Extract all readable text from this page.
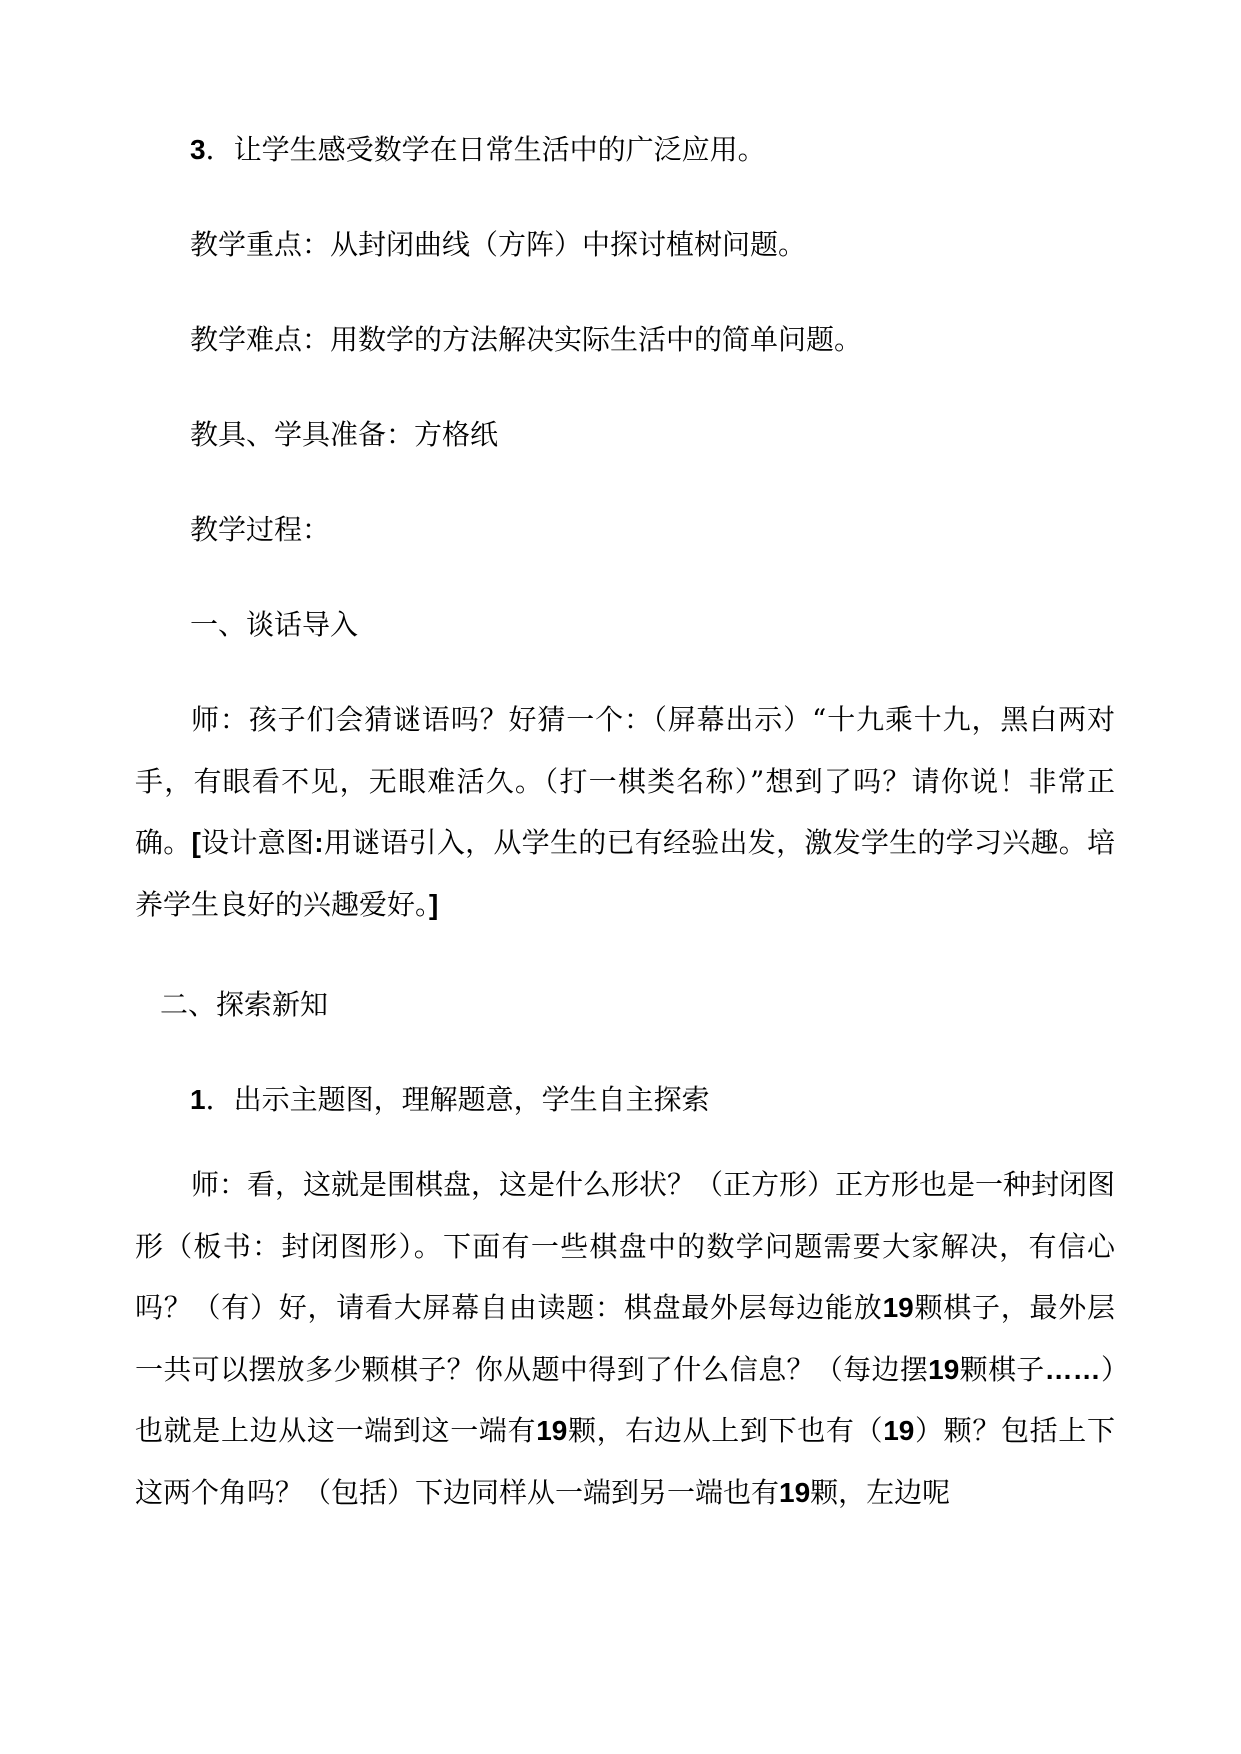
3．让学生感受数学在日常生活中的广泛应用。

教学重点：从封闭曲线（方阵）中探讨植树问题。

教学难点：用数学的方法解决实际生活中的简单问题。

教具、学具准备：方格纸

教学过程：

一、谈话导入

师：孩子们会猜谜语吗？好猜一个：（屏幕出示）“十九乘十九，黑白两对手，有眼看不见，无眼难活久。（打一棋类名称）”想到了吗？请你说！非常正确。[设计意图:用谜语引入，从学生的已有经验出发，激发学生的学习兴趣。培养学生良好的兴趣爱好。]

二、探索新知

1．出示主题图，理解题意，学生自主探索

师：看，这就是围棋盘，这是什么形状？（正方形）正方形也是一种封闭图形（板书：封闭图形）。下面有一些棋盘中的数学问题需要大家解决，有信心吗？（有）好，请看大屏幕自由读题：棋盘最外层每边能放19颗棋子，最外层一共可以摆放多少颗棋子？你从题中得到了什么信息？（每边摆19颗棋子……）也就是上边从这一端到这一端有19颗，右边从上到下也有（19）颗？包括上下这两个角吗？（包括）下边同样从一端到另一端也有19颗，左边呢
